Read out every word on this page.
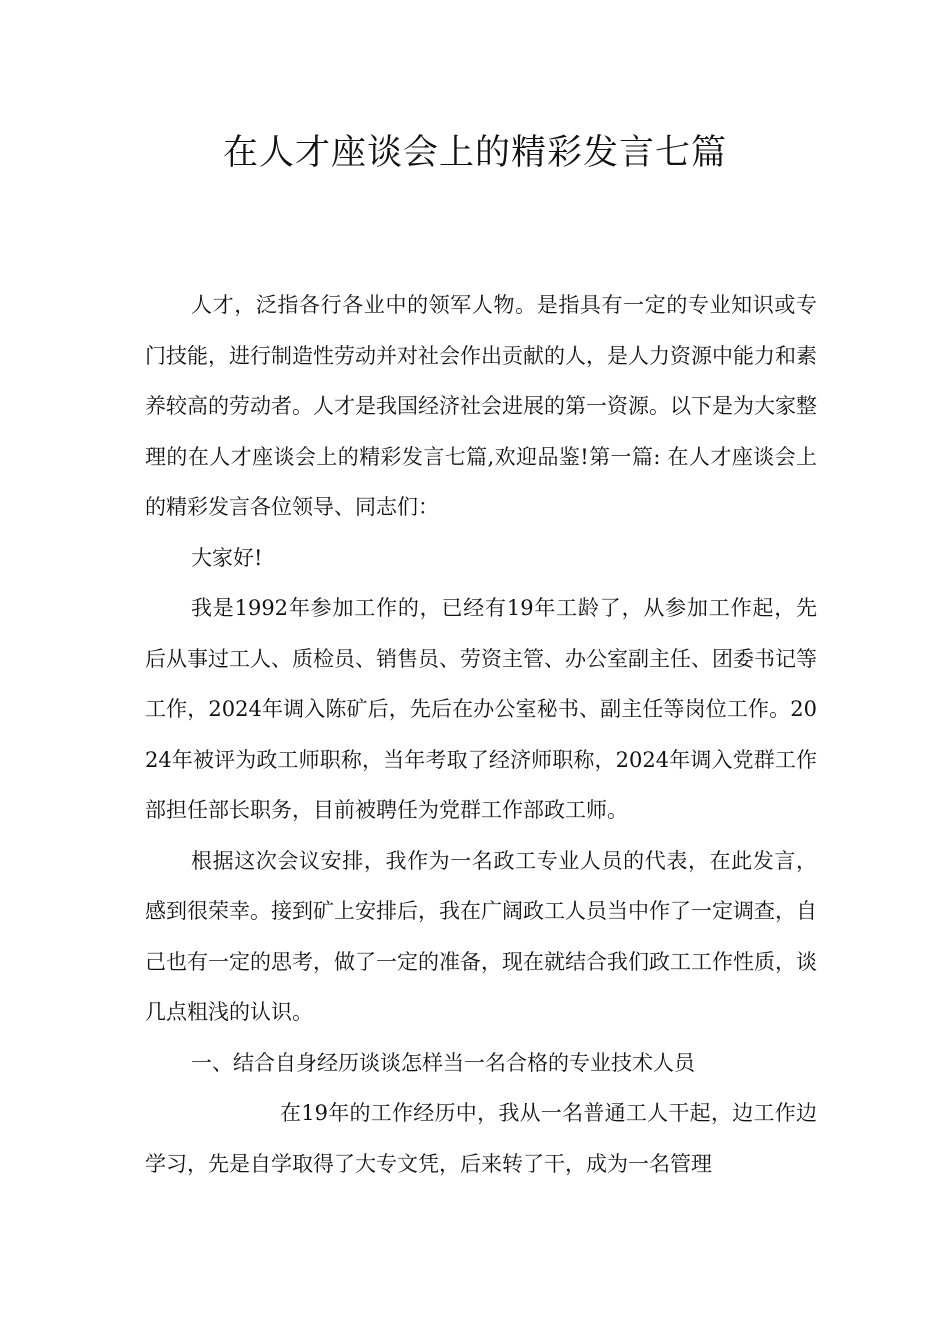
在人才座谈会上的精彩发言七篇

人才，泛指各行各业中的领军人物。是指具有一定的专业知识或专门技能，进行制造性劳动并对社会作出贡献的人，是人力资源中能力和素养较高的劳动者。人才是我国经济社会进展的第一资源。以下是为大家整理的在人才座谈会上的精彩发言七篇,欢迎品鉴!第一篇: 在人才座谈会上的精彩发言各位领导、同志们：

大家好!

我是1992年参加工作的，已经有19年工龄了，从参加工作起，先后从事过工人、质检员、销售员、劳资主管、办公室副主任、团委书记等工作，2024年调入陈矿后，先后在办公室秘书、副主任等岗位工作。2024年被评为政工师职称，当年考取了经济师职称，2024年调入党群工作部担任部长职务，目前被聘任为党群工作部政工师。

根据这次会议安排，我作为一名政工专业人员的代表，在此发言，感到很荣幸。接到矿上安排后，我在广阔政工人员当中作了一定调查，自己也有一定的思考，做了一定的准备，现在就结合我们政工工作性质，谈几点粗浅的认识。

一、结合自身经历谈谈怎样当一名合格的专业技术人员

在19年的工作经历中，我从一名普通工人干起，边工作边学习，先是自学取得了大专文凭，后来转了干，成为一名管理
